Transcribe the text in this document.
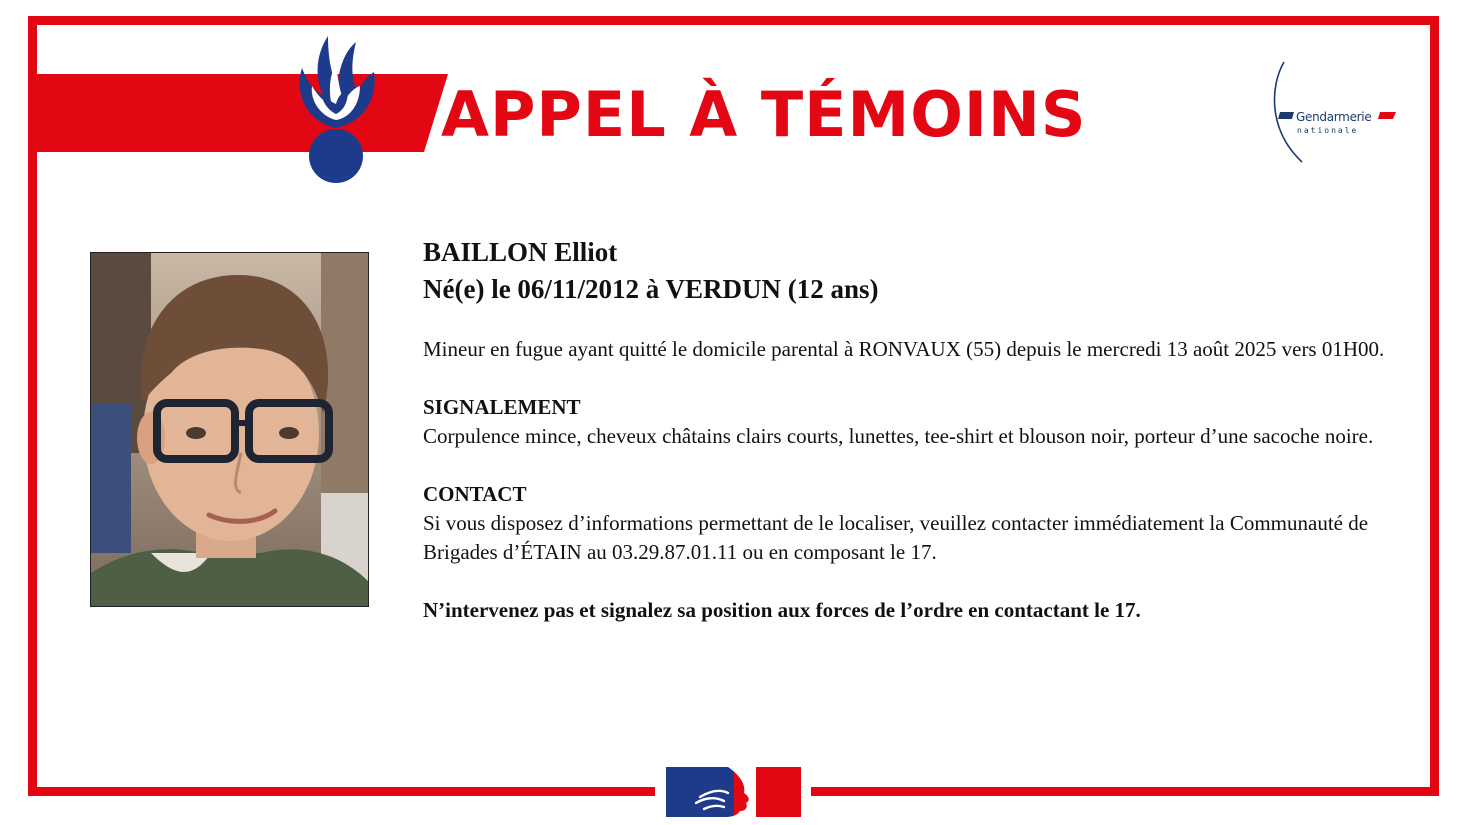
APPEL À TÉMOINS	Gendarmerie
nationale

BAILLON Elliot

Né(e) le 06/11/2012 à VERDUN (12 ans)

Mineur en fugue ayant quitté le domicile parental à RONVAUX (55) depuis le mercredi 13 août 2025 vers 01H00.

SIGNALEMENT

Corpulence mince, cheveux châtains clairs courts, lunettes, tee-shirt et blouson noir, porteur d’une sacoche noire.

CONTACT

Si vous disposez d’informations permettant de le localiser, veuillez contacter immédiatement la Communauté de Brigades d’ÉTAIN au 03.29.87.01.11 ou en composant le 17.

N’intervenez pas et signalez sa position aux forces de l’ordre en contactant le 17.
